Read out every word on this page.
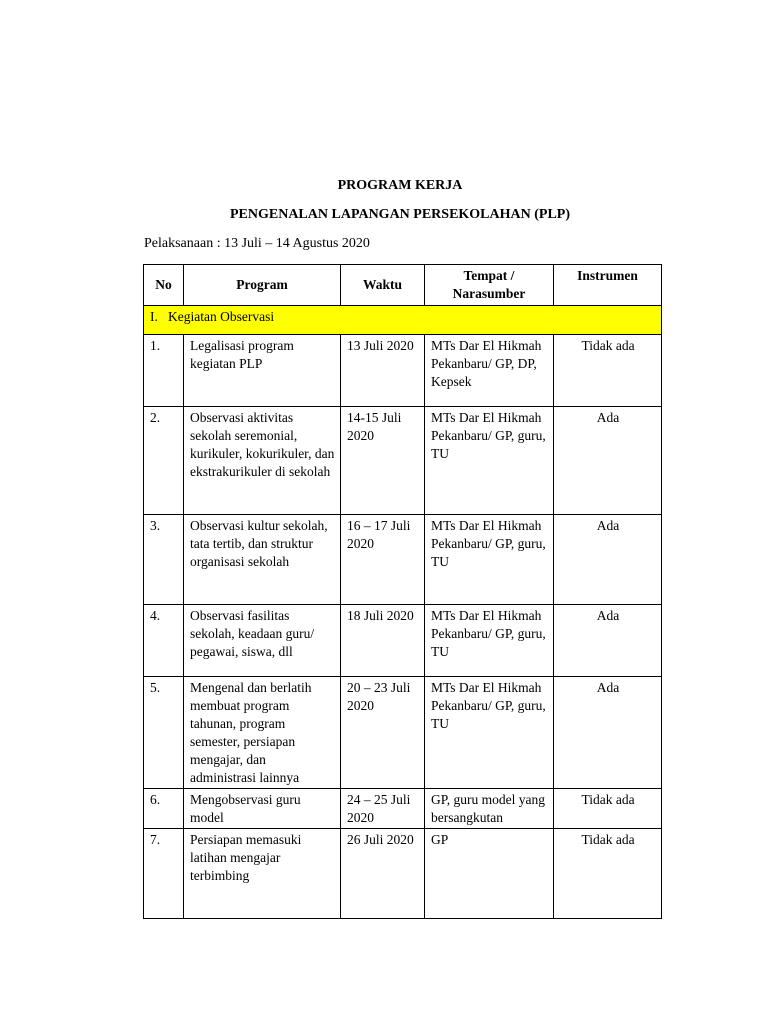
PROGRAM KERJA
PENGENALAN LAPANGAN PERSEKOLAHAN (PLP)
Pelaksanaan : 13 Juli – 14 Agustus 2020
No	Program	Waktu	Tempat / Narasumber	Instrumen
I.   Kegiatan Observasi				
1.	Legalisasi program kegiatan PLP	13 Juli 2020	MTs Dar El Hikmah Pekanbaru/ GP, DP, Kepsek	Tidak ada
2.	Observasi aktivitas sekolah seremonial, kurikuler, kokurikuler, dan ekstrakurikuler di sekolah	14-15 Juli 2020	MTs Dar El Hikmah Pekanbaru/ GP, guru, TU	Ada
3.	Observasi kultur sekolah, tata tertib, dan struktur organisasi sekolah	16 – 17 Juli 2020	MTs Dar El Hikmah Pekanbaru/ GP, guru, TU	Ada
4.	Observasi fasilitas sekolah, keadaan guru/ pegawai, siswa, dll	18 Juli 2020	MTs Dar El Hikmah Pekanbaru/ GP, guru, TU	Ada
5.	Mengenal dan berlatih membuat program tahunan, program semester, persiapan mengajar, dan administrasi lainnya	20 – 23 Juli 2020	MTs Dar El Hikmah Pekanbaru/ GP, guru, TU	Ada
6.	Mengobservasi guru model	24 – 25 Juli 2020	GP, guru model yang bersangkutan	Tidak ada
7.	Persiapan memasuki latihan mengajar terbimbing	26 Juli 2020	GP	Tidak ada
